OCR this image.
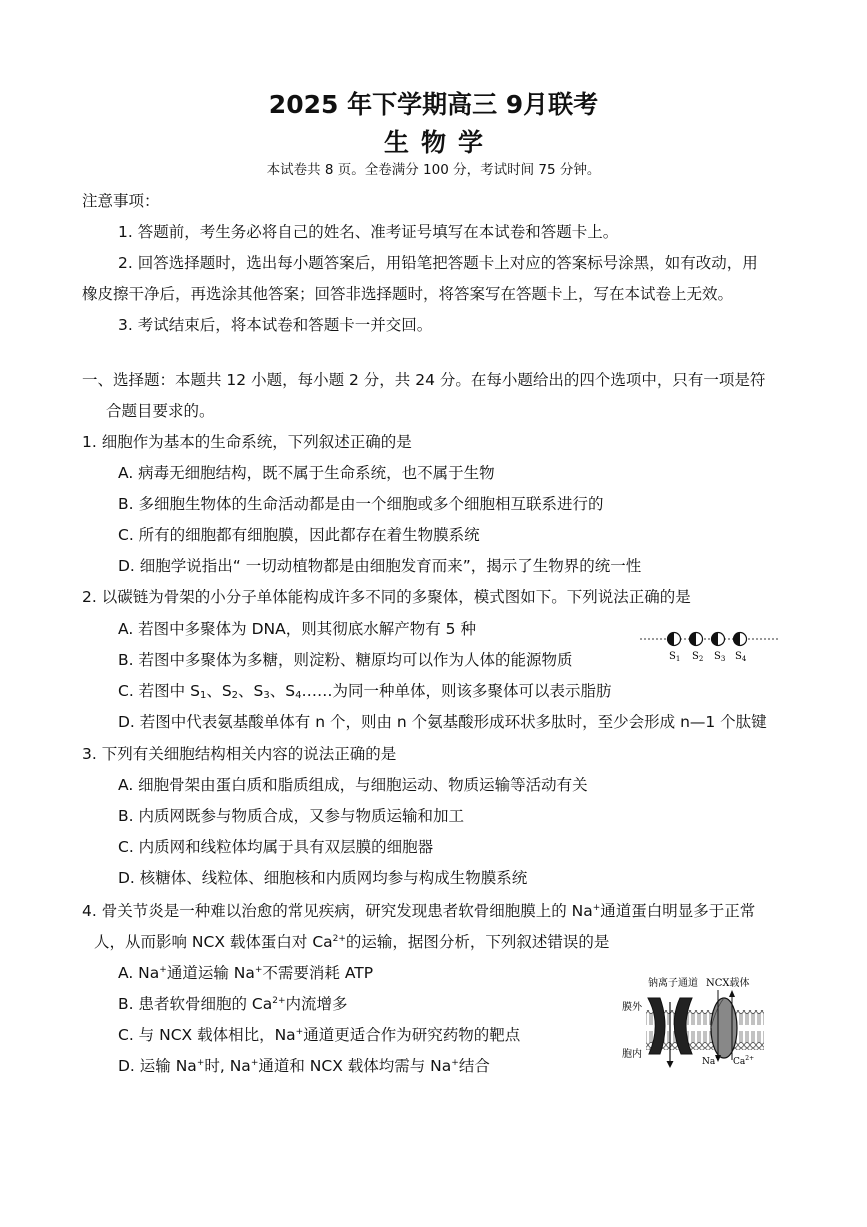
2025 年下学期高三 9月联考
生物学
本试卷共 8 页。全卷满分 100 分，考试时间 75 分钟。
注意事项：
1. 答题前，考生务必将自己的姓名、准考证号填写在本试卷和答题卡上。
2. 回答选择题时，选出每小题答案后，用铅笔把答题卡上对应的答案标号涂黑，如有改动，用
橡皮擦干净后，再选涂其他答案；回答非选择题时，将答案写在答题卡上，写在本试卷上无效。
3. 考试结束后，将本试卷和答题卡一并交回。
一、选择题：本题共 12 小题，每小题 2 分，共 24 分。在每小题给出的四个选项中，只有一项是符
合题目要求的。
1. 细胞作为基本的生命系统，下列叙述正确的是
A. 病毒无细胞结构，既不属于生命系统，也不属于生物
B. 多细胞生物体的生命活动都是由一个细胞或多个细胞相互联系进行的
C. 所有的细胞都有细胞膜，因此都存在着生物膜系统
D. 细胞学说指出“ 一切动植物都是由细胞发育而来”，揭示了生物界的统一性
2. 以碳链为骨架的小分子单体能构成许多不同的多聚体，模式图如下。下列说法正确的是
A. 若图中多聚体为 DNA，则其彻底水解产物有 5 种
B. 若图中多聚体为多糖，则淀粉、糖原均可以作为人体的能源物质
C. 若图中 $S_1$、$S_2$、$S_3$、$S_4\dots\dots$为同一种单体，则该多聚体可以表示脂肪
D. 若图中代表氨基酸单体有 n 个，则由 n 个氨基酸形成环状多肽时，至少会形成 n—1 个肽键
$S_1$ $S_2$ $S_3$ $S_4$
3. 下列有关细胞结构相关内容的说法正确的是
A. 细胞骨架由蛋白质和脂质组成，与细胞运动、物质运输等活动有关
B. 内质网既参与物质合成，又参与物质运输和加工
C. 内质网和线粒体均属于具有双层膜的细胞器
D. 核糖体、线粒体、细胞核和内质网均参与构成生物膜系统
4. 骨关节炎是一种难以治愈的常见疾病，研究发现患者软骨细胞膜上的 Na+通道蛋白明显多于正常
人，从而影响 NCX 载体蛋白对 $Ca^{2+}$的运输，据图分析，下列叙述错误的是
A. Na+通道运输 Na+不需要消耗 ATP
B. 患者软骨细胞的 $Ca^{2+}$内流增多
C. 与 NCX 载体相比，Na+通道更适合作为研究药物的靶点
D. 运输 Na+时, Na+通道和 NCX 载体均需与 Na+结合
钠离子通道 NCX载体
膜外
胞内
Na+ $Ca^{2+}$
